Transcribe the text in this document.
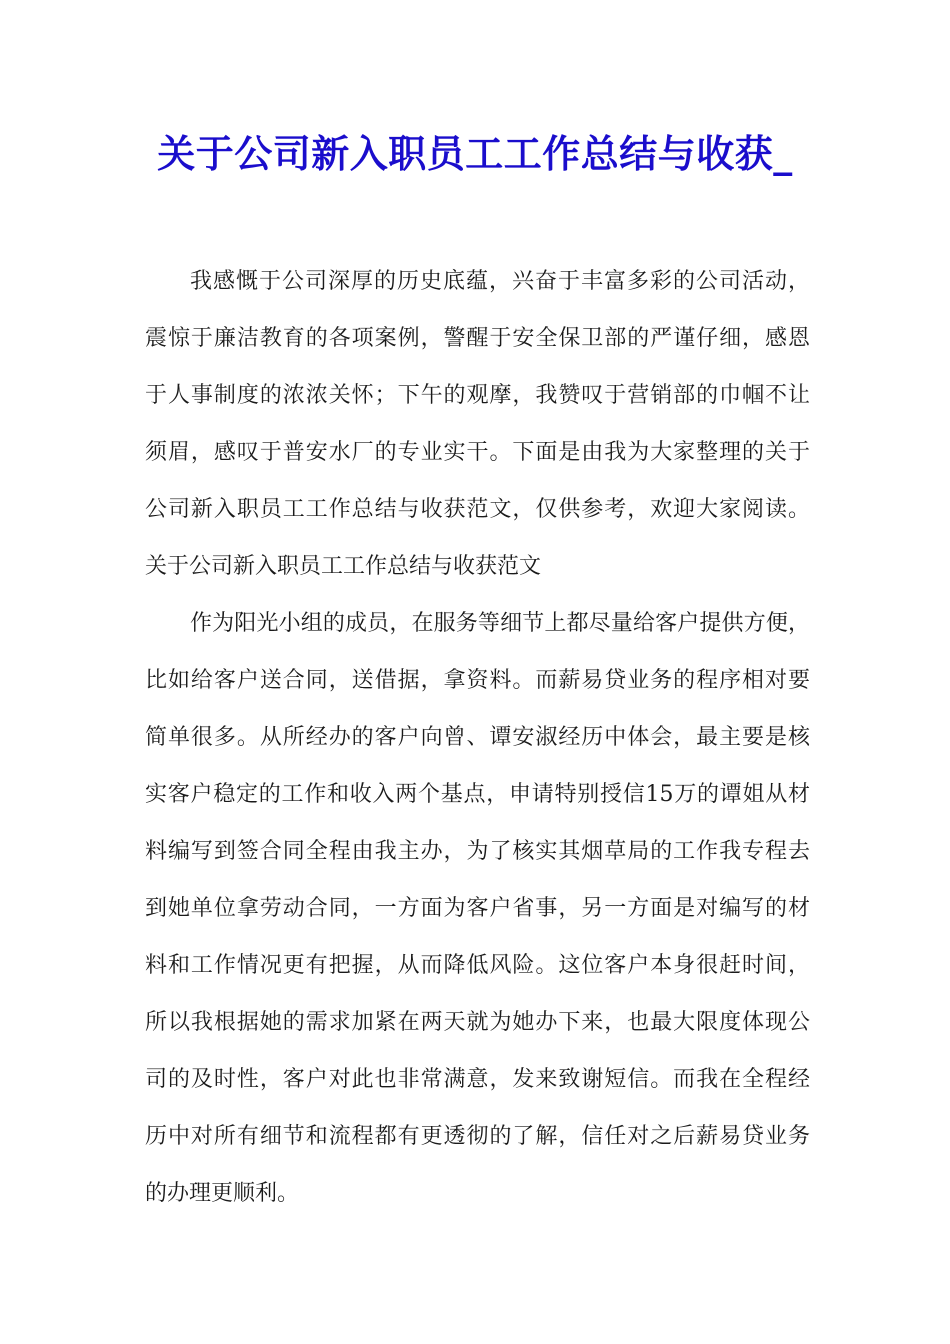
关于公司新入职员工工作总结与收获_

我感慨于公司深厚的历史底蕴，兴奋于丰富多彩的公司活动，

震惊于廉洁教育的各项案例，警醒于安全保卫部的严谨仔细，感恩

于人事制度的浓浓关怀；下午的观摩，我赞叹于营销部的巾帼不让

须眉，感叹于普安水厂的专业实干。下面是由我为大家整理的关于

公司新入职员工工作总结与收获范文，仅供参考，欢迎大家阅读。

关于公司新入职员工工作总结与收获范文

作为阳光小组的成员，在服务等细节上都尽量给客户提供方便，

比如给客户送合同，送借据，拿资料。而薪易贷业务的程序相对要

简单很多。从所经办的客户向曾、谭安淑经历中体会，最主要是核

实客户稳定的工作和收入两个基点，申请特别授信15万的谭姐从材

料编写到签合同全程由我主办，为了核实其烟草局的工作我专程去

到她单位拿劳动合同，一方面为客户省事，另一方面是对编写的材

料和工作情况更有把握，从而降低风险。这位客户本身很赶时间，

所以我根据她的需求加紧在两天就为她办下来，也最大限度体现公

司的及时性，客户对此也非常满意，发来致谢短信。而我在全程经

历中对所有细节和流程都有更透彻的了解，信任对之后薪易贷业务

的办理更顺利。
